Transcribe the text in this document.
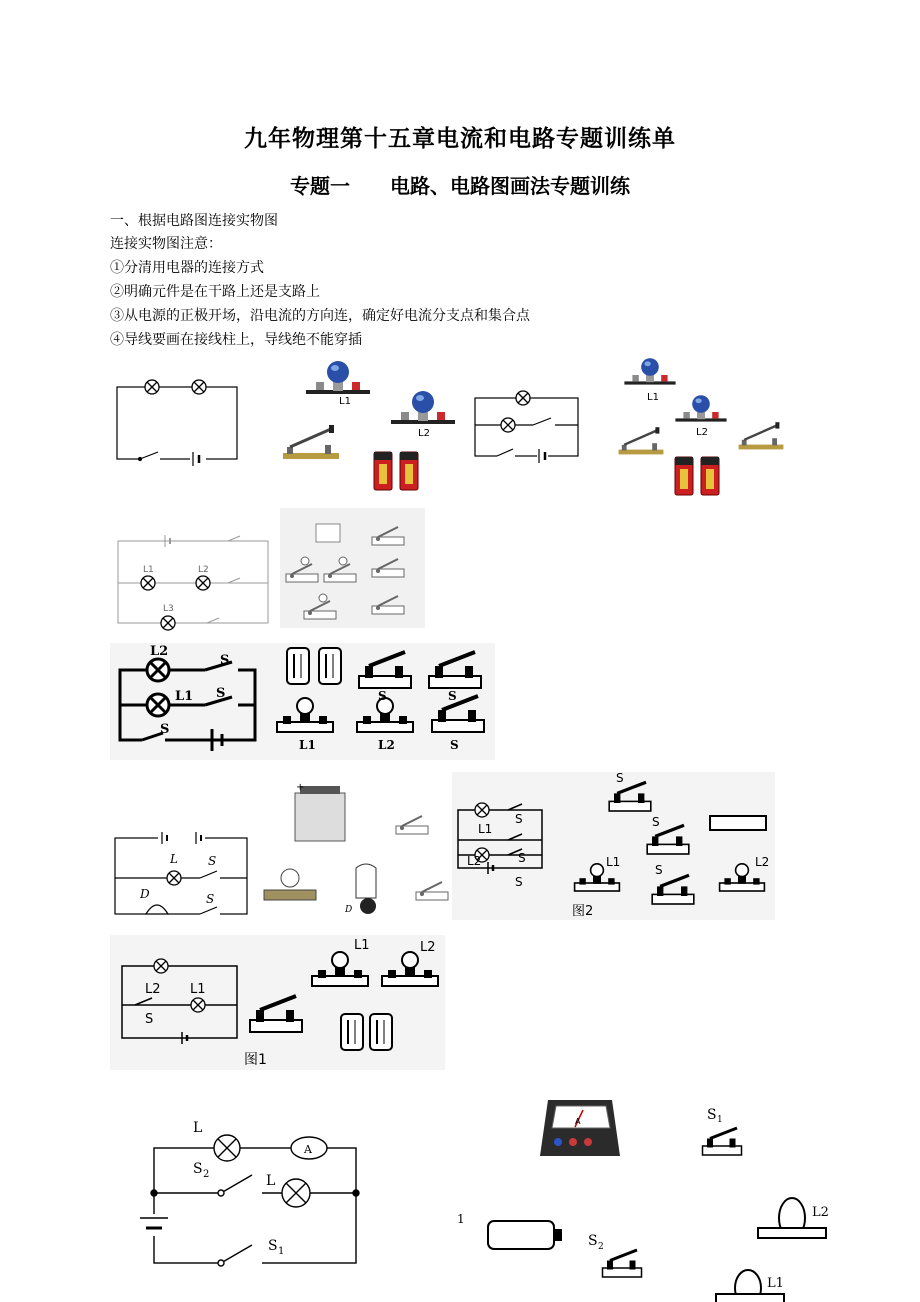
九年物理第十五章电流和电路专题训练单
专题一 电路、电路图画法专题训练
一、根据电路图连接实物图
连接实物图注意：
①分清用电器的连接方式
②明确元件是在干路上还是支路上
③从电源的正极开场，沿电流的方向连，确定好电流分支点和集合点
④导线要画在接线柱上，导线绝不能穿插
L1
L2
L1
L2
L1	L2
L3
L2
L1
S
S
S
S	S
L1	L2	S
L	S
D	S
+
D
S
L1
L2	S
S
图2
S
S
L1
S
L2
L2 L1
S
图1
L1	L2
L
A
S 2	L
S 1
A	S 1
1
S 2
L2
L1
